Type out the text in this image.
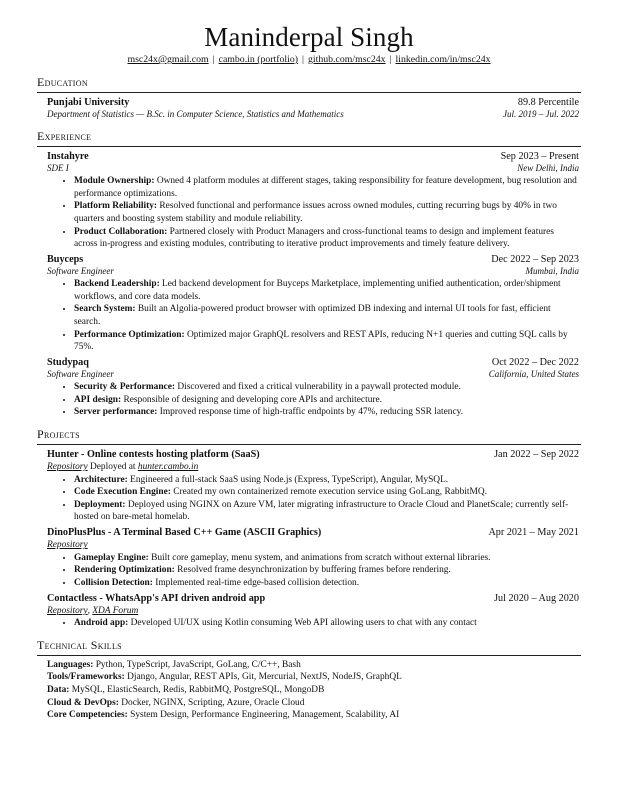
Maninderpal Singh
msc24x@gmail.com | cambo.in (portfolio) | github.com/msc24x | linkedin.com/in/msc24x
Education
Punjabi University	89.8 Percentile
Department of Statistics — B.Sc. in Computer Science, Statistics and Mathematics	Jul. 2019 – Jul. 2022
Experience
Instahyre	Sep 2023 – Present
SDE I	New Delhi, India
• Module Ownership: Owned 4 platform modules at different stages, taking responsibility for feature development, bug resolution and performance optimizations.
• Platform Reliability: Resolved functional and performance issues across owned modules, cutting recurring bugs by 40% in two quarters and boosting system stability and module reliability.
• Product Collaboration: Partnered closely with Product Managers and cross-functional teams to design and implement features across in-progress and existing modules, contributing to iterative product improvements and timely feature delivery.
Buyceps	Dec 2022 – Sep 2023
Software Engineer	Mumbai, India
• Backend Leadership: Led backend development for Buyceps Marketplace, implementing unified authentication, order/shipment workflows, and core data models.
• Search System: Built an Algolia-powered product browser with optimized DB indexing and internal UI tools for fast, efficient search.
• Performance Optimization: Optimized major GraphQL resolvers and REST APIs, reducing N+1 queries and cutting SQL calls by 75%.
Studypaq	Oct 2022 – Dec 2022
Software Engineer	California, United States
• Security & Performance: Discovered and fixed a critical vulnerability in a paywall protected module.
• API design: Responsible of designing and developing core APIs and architecture.
• Server performance: Improved response time of high-traffic endpoints by 47%, reducing SSR latency.
Projects
Hunter - Online contests hosting platform (SaaS)	Jan 2022 – Sep 2022
Repository Deployed at hunter.cambo.in
• Architecture: Engineered a full-stack SaaS using Node.js (Express, TypeScript), Angular, MySQL.
• Code Execution Engine: Created my own containerized remote execution service using GoLang, RabbitMQ.
• Deployment: Deployed using NGINX on Azure VM, later migrating infrastructure to Oracle Cloud and PlanetScale; currently self-hosted on bare-metal homelab.
DinoPlusPlus - A Terminal Based C++ Game (ASCII Graphics)	Apr 2021 – May 2021
Repository
• Gameplay Engine: Built core gameplay, menu system, and animations from scratch without external libraries.
• Rendering Optimization: Resolved frame desynchronization by buffering frames before rendering.
• Collision Detection: Implemented real-time edge-based collision detection.
Contactless - WhatsApp's API driven android app	Jul 2020 – Aug 2020
Repository, XDA Forum
• Android app: Developed UI/UX using Kotlin consuming Web API allowing users to chat with any contact
Technical Skills
Languages: Python, TypeScript, JavaScript, GoLang, C/C++, Bash
Tools/Frameworks: Django, Angular, REST APIs, Git, Mercurial, NextJS, NodeJS, GraphQL
Data: MySQL, ElasticSearch, Redis, RabbitMQ, PostgreSQL, MongoDB
Cloud & DevOps: Docker, NGINX, Scripting, Azure, Oracle Cloud
Core Competencies: System Design, Performance Engineering, Management, Scalability, AI
